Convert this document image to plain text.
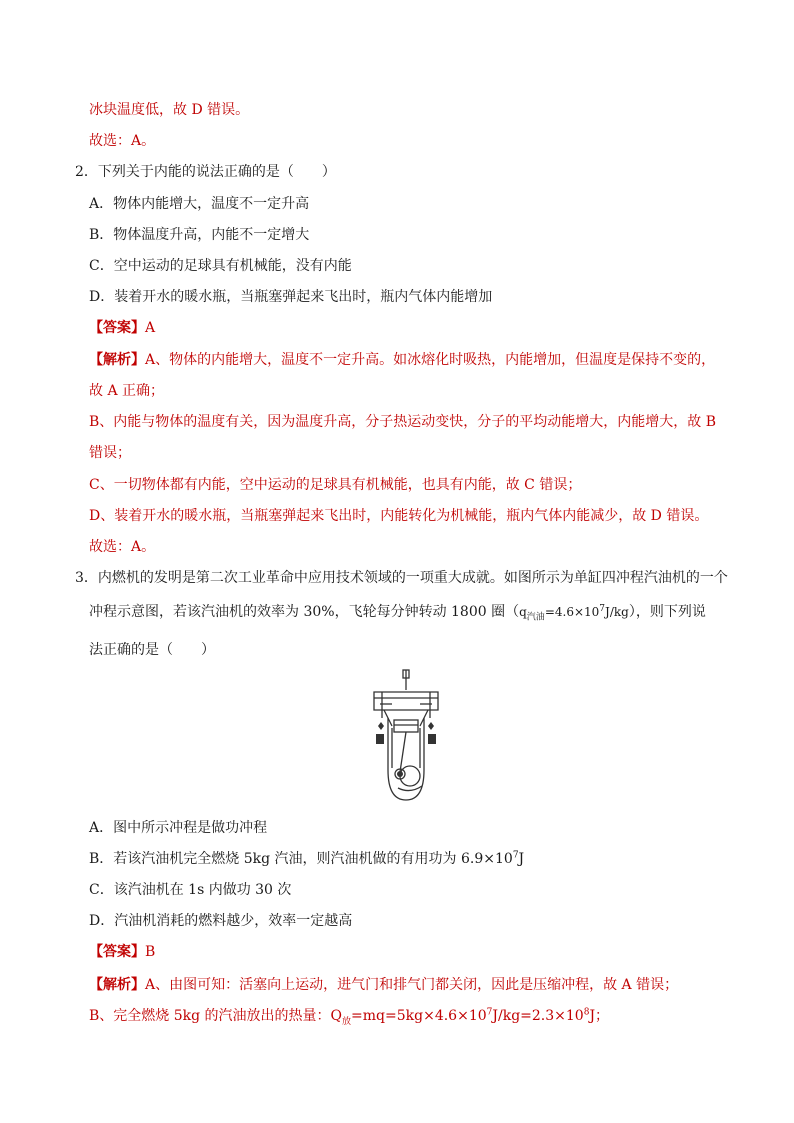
冰块温度低，故 D 错误。
故选：A。
2．下列关于内能的说法正确的是（　　）
A．物体内能增大，温度不一定升高
B．物体温度升高，内能不一定增大
C．空中运动的足球具有机械能，没有内能
D．装着开水的暖水瓶，当瓶塞弹起来飞出时，瓶内气体内能增加
【答案】A
【解析】A、物体的内能增大，温度不一定升高。如冰熔化时吸热，内能增加，但温度是保持不变的，
故 A 正确；
B、内能与物体的温度有关，因为温度升高，分子热运动变快，分子的平均动能增大，内能增大，故 B
错误；
C、一切物体都有内能，空中运动的足球具有机械能，也具有内能，故 C 错误；
D、装着开水的暖水瓶，当瓶塞弹起来飞出时，内能转化为机械能，瓶内气体内能减少，故 D 错误。
故选：A。
3．内燃机的发明是第二次工业革命中应用技术领域的一项重大成就。如图所示为单缸四冲程汽油机的一个
冲程示意图，若该汽油机的效率为 30%，飞轮每分钟转动 1800 圈$(q_{汽油}=4.6\times 10^7J/kg)$，则下列说
法正确的是（　　）
A．图中所示冲程是做功冲程
B．若该汽油机完全燃烧 5kg 汽油，则汽油机做的有用功为 $6.9\times 10^7J$
C．该汽油机在 1s 内做功 30 次
D．汽油机消耗的燃料越少，效率一定越高
【答案】B
【解析】A、由图可知：活塞向上运动，进气门和排气门都关闭，因此是压缩冲程，故 A 错误；
B、完全燃烧 5kg 的汽油放出的热量：$Q_放=mq=5kg\times 4.6\times 10^7J/kg=2.3\times 10^8J$；
